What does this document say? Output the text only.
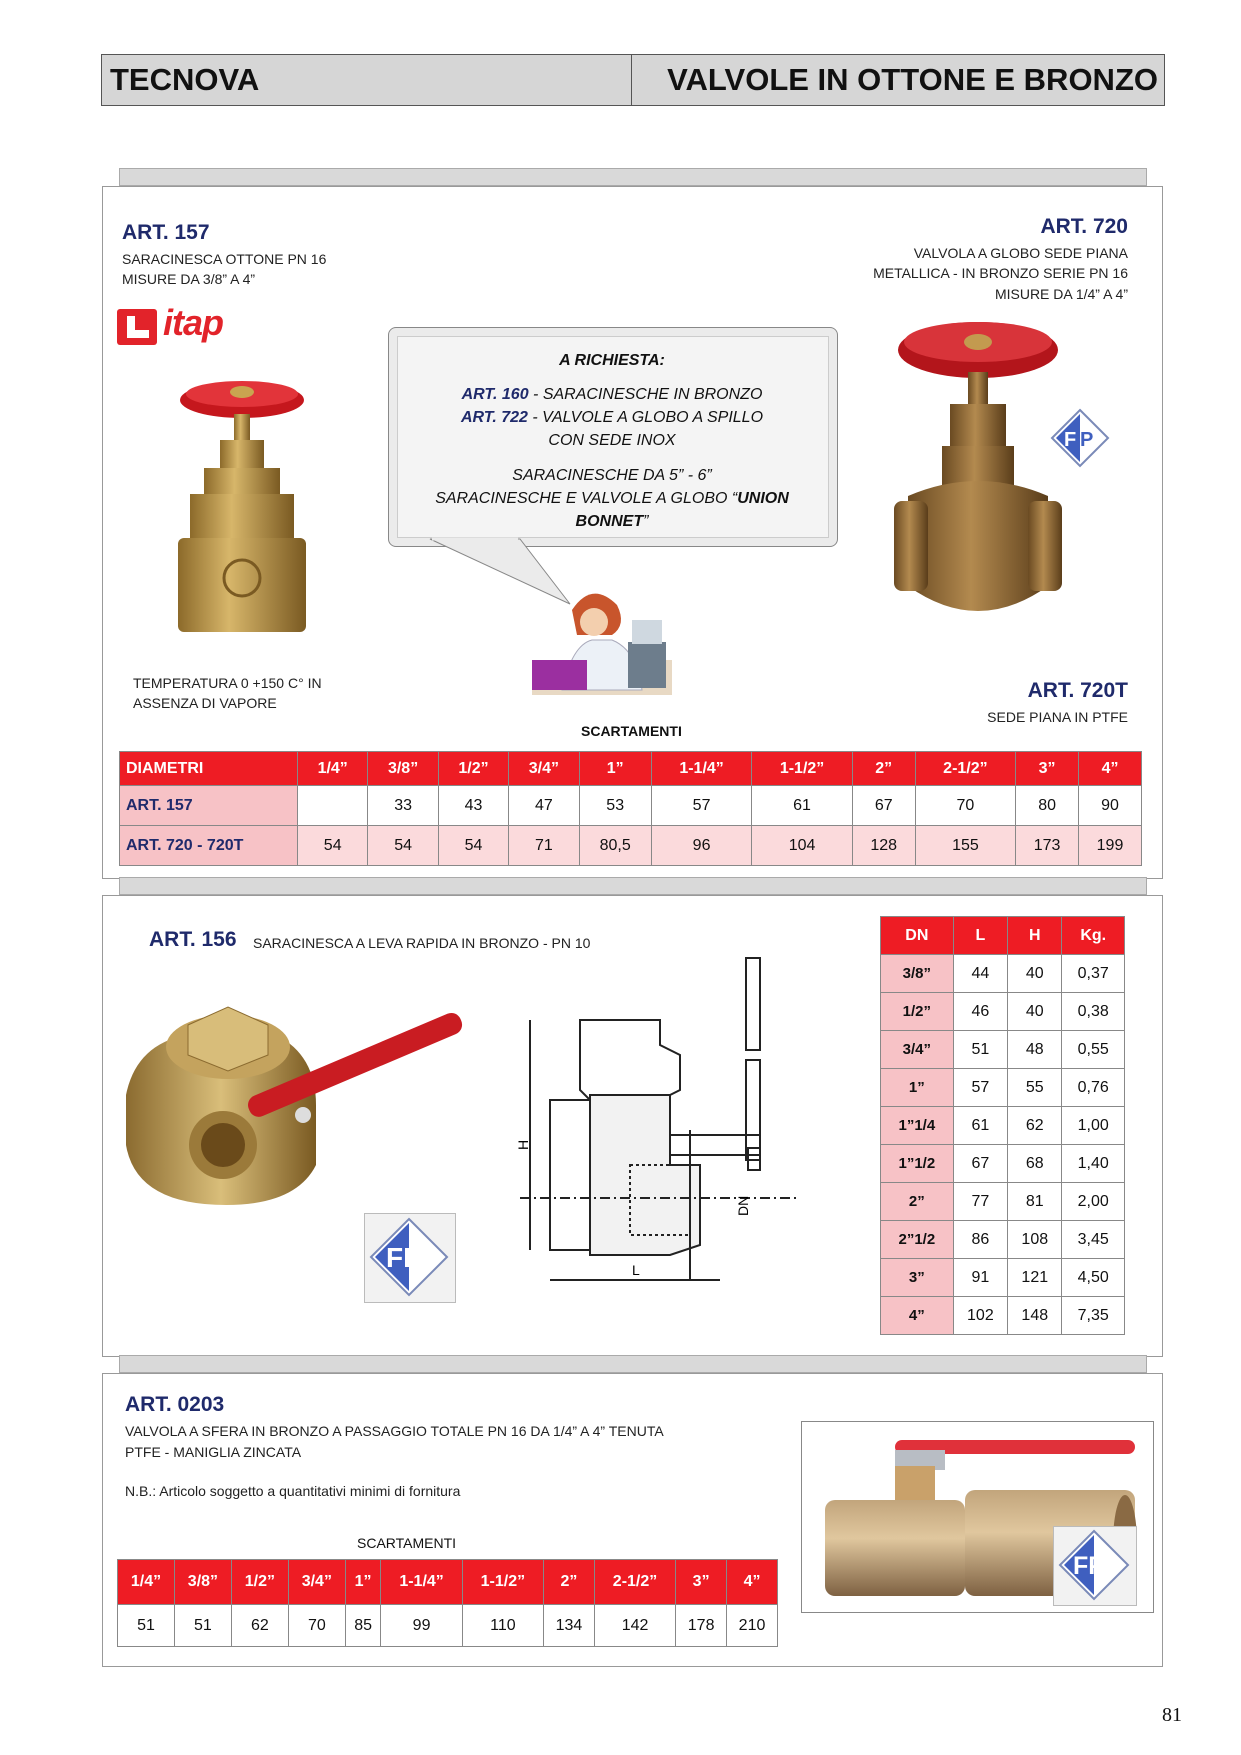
TECNOVA	VALVOLE IN OTTONE E BRONZO
ART. 157
SARACINESCA OTTONE PN 16
MISURE DA 3/8” A 4”
itap
A RICHIESTA:
ART. 160 - SARACINESCHE IN BRONZO
ART. 722 - VALVOLE A GLOBO A SPILLO
CON SEDE INOX
SARACINESCHE DA 5” - 6”
SARACINESCHE E VALVOLE A GLOBO “UNION BONNET”
ART. 720
VALVOLA A GLOBO SEDE PIANA
METALLICA - IN BRONZO SERIE PN 16
MISURE DA 1/4” A 4”
F P
TEMPERATURA 0 +150 C° IN
ASSENZA DI VAPORE
ART. 720T
SEDE PIANA IN PTFE
SCARTAMENTI
DIAMETRI	1/4”	3/8”	1/2”	3/4”	1”	1-1/4”	1-1/2”	2”	2-1/2”	3”	4”
ART. 157		33	43	47	53	57	61	67	70	80	90
ART. 720 - 720T	54	54	54	71	80,5	96	104	128	155	173	199
ART. 156 SARACINESCA A LEVA RAPIDA IN BRONZO - PN 10
FP
H
DN
L
DN	L	H	Kg.
3/8”	44	40	0,37
1/2”	46	40	0,38
3/4”	51	48	0,55
1”	57	55	0,76
1”1/4	61	62	1,00
1”1/2	67	68	1,40
2”	77	81	2,00
2”1/2	86	108	3,45
3”	91	121	4,50
4”	102	148	7,35
ART. 0203
VALVOLA A SFERA IN BRONZO A PASSAGGIO TOTALE PN 16 DA 1/4” A 4” TENUTA
PTFE - MANIGLIA ZINCATA
N.B.: Articolo soggetto a quantitativi minimi di fornitura
SCARTAMENTI
1/4”	3/8”	1/2”	3/4”	1”	1-1/4”	1-1/2”	2”	2-1/2”	3”	4”
51	51	62	70	85	99	110	134	142	178	210
FP
81
